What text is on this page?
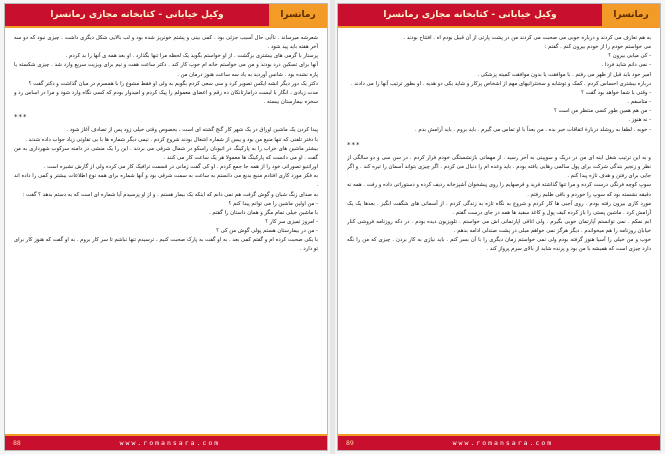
رمانسرا
وکیل خیابانی - کتابخانه مجازی رمانسرا

شعرشه میرساند . ناآبی حال آسیب جزئی بود . کمی بینی و پشتم خونریز شده بود و لب بالایی شکل دیگری داشت . چیزی نبود که دو سه آخر هفته باید پید شود .

پرستار با گرمی های بیشتری برگشت . از او خواستم بگوید یک لحظه مرا تنها بگذارد . او بعد همه ی آنها را بد کردم .

آنها برای تسکین درد بودند و من می خواستم خانه ام خوب کار کند . دکتر ساعت هفت و نیم برای ویزیت سریع وارد شد . چیزی شکسته یا پاره نشده بود . شانس آوردید به یاد سه ساعت هنوز درمان من .

دکتر یک دور دیگر انشه ایکس تصویر کرد و سی سعی کردم بگویم به ولی او فقط مشوع را با همسرم در میان گذاشت و دکتر گفت ؟

مدت زیادی ، انگار با لیست درامارتانکان ده رقم و اعضای معمولم را پیک کردم و امیدوار بودم که کسی نگاه وارد شود و مرا در اساس رد و سخره بیمارستان بیسته .

***

پیدا کردن یک ماشین اوراق در یک شهر کار گنج گشته ای است ، بخصوص وقتی خیلی زود پس از تصادف آغاز شود .

با دفتر تلفنی که تنها منبع من بود و بیس از شماره اشغال بودند شروع کردم . نیمی دیگر شماره ها با بی تفاوتی زیاد جواب داده شدند .

بیشتر ماشین های خراب را به پارکینگ در اتیوبان راسکو در شمال شرقی می بردند . این را یک منشی در دامنه سرکوب شهرداری به من گفت . او می دانست که پارکینگ ها معمولا هر یک ساعت کار می کنند .

اورانتیو تصوراتی خود را از همه جا جمع کردم . او کی گفت زمانی در قسمت ترافیک کار می کرده ولی از گارش نشیره است .

به فکر مورد کاری افتادم منبع بدیع می دانستم به ساعت به سمت شرقی بود و آنها شماره برای همه نوع اطلاعات بیشتر و کمی را داده اند .

به صدای زنگ شبان و گوش گرفت هم نمی دانم که اینکه یک بیمار هستم . و از او پرسیدم آیا شماره ای است که به دستم بدهد ؟ گفت :

- من اولین ماشین را می توانم پیدا کنم ؟

با ماشین خیلی تمام مگر و همان داستان را گفتم .

- امروز تمیزی سر کار ؟

- من در بیمارستان هستم پولی گوش من کی ؟

با یکی صحبت کرده ام و گفتم کمی بعد . به او گفت به پارک صحبت کنیم ، ترسیدم تنها نباشم تا سر کار بروم . به او گفت که هنوز کار برای تو دارد .

88	www.romansara.com
رمانسرا
وکیل خیابانی - کتابخانه مجازی رمانسرا

به هم تعارف می کردند و درباره خوبی می صحبت می کردند من در پشت پارتی از آن قبیل بودم اه . افتتاح بودند .

می خواستم خودم را از خودم بیرون کنم . گفتم :

- کی میایی بیرون ؟

- نمی دانم شاید فردا .

امیر خود باید قبل از ظهر می رفتم . با موافقت یا بدون موافقت کمیته پزشکی .

درباره بیشتری احساس کردم . کمک و توشابه و سختترانیهای مهم از اشخاص پرکار و شاید یکی دو هدیه . او بطور ترتیب آنها را می دادند .

- وقتی با شما خواهد بود گفت ؟

- متاسفم .

- من هم همین طور کسی منتظر من است ؟

- نه هنوز .

- خوبه . لطفا به روشلد دربارۀ اتفاقات خبر بده . من بعداً با او تماس می گیرم . باید بروم . باید آرامش بدم .

***

و به این ترتیب شغل اینه ای من در دریک و سوپینی به آخر رسید . از مهمانی بازنشستگی خودم فرار کردم . در سن سی و دو سالگی از نظر و زنجیر بندگی شرکت برای پول سالمی رهایی یافته بودم . باید وعده ام را دنبال می کردم . اگر چیزی بتواند آسمان را تیره کند . و اگر جایی برای رفتن و هدف تازه پیدا کنم .

سوپ کوچه فرنگی درست کرده و مرا تنها گذاشته فرید و قرصهایم را روی پیشخوان آشپزخانه ردیف کرده و دستوراتی داده و رفت . همه نه دقیقه نشسته بود که سوپ را خوردم و باقی طلبم رفتم .

مورد کاری بیرون رفته بودم . روی آجبی ها کار کردم و شروع به نگاه تازه به زندگی کردم . از آسمانی های شگفت انگیز . بعدها یک یک آرامش کرد . ماشین پستی را باز کرده کیف پول و کاغذ سفید ها همه در جای درست گفتم .

انم نمکم . نمی توانستم آپارتمان خوبی بگیرم . ولی اتاقی اپارتمانی اش می خواستم . تلویزیون دیده بودم . در دکه روزنامه فروشی کنار خیابان روزنامه را هم میخواندم . دیگر هرگز نمی خواهم مبلی در پشت صندلی ادامه بدهم .

خوب و من خیلی را آسیا هنوز گرفته بودم ولی نمی خواستم زمان دیگری را با آن بسر کنم . باید نیازی به کار بردن . چیزی که من را نگه دارد چیزی است که همیشه با من بود و پرنده شاید از بالای سرم پرواز کند .

89	www.romansara.com
